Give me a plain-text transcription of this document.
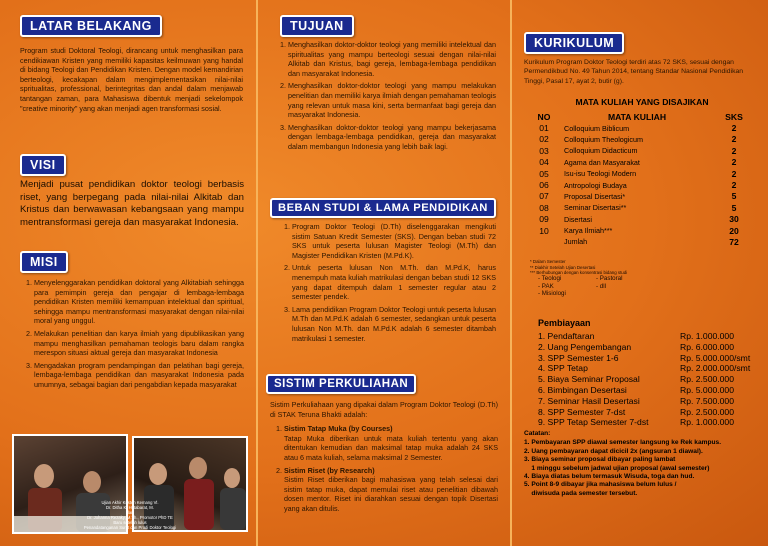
LATAR BELAKANG

Program studi Doktoral Teologi, dirancang untuk menghasilkan para cendikiawan Kristen yang memiliki kapasitas keilmuwan yang handal di bidang Teologi dan Pendidikan Kristen. Dengan model kemandirian berteologi, kecakapan dalam mengimplementasikan nilai-nilai spritualitas, professional, berintegritas dan andal dalam menjawab tantangan zaman, para Mahasiswa dibentuk menjadi sekelompok "creative minority" yang akan menjadi agen transformasi sosial.

VISI

Menjadi pusat pendidikan doktor teologi berbasis riset, yang berpegang pada nilai-nilai Alkitab dan Kristus dan berwawasan kebangsaan yang mampu mentransformasi gereja dan masyarakat Indonesia.

MISI
1. Menyelenggarakan pendidikan doktoral yang Alkitabiah sehingga para pemimpin gereja dan pengajar di lembaga-lembaga pendidikan Kristen memiliki kemampuan intelektual dan spiritual, sehingga mampu mentransformasi masyarakat dengan nilai-nilai moral yang unggul.
2. Melakukan penelitian dan karya ilmiah yang dipublikasikan yang mampu menghasilkan pemahaman teologis baru dalam rangka merespon situasi aktual gereja dan masyarakat Indonesia
3. Mengadakan program pendampingan dan pelatihan bagi gereja, lembaga-lembaga pendidikan dan masyarakat Indonesia pada umumnya, sebagai bagian dari pengabdian kepada masyarakat
Ujian Akhir Kristen Kemang Vl.
Dr. Ditha K. Hutabarat, M.
dan
Dr. Johanna Rezaky, M.Th., Promotor PhD TE
Baru setelah lulus
Penandatanganan Surat dan Prodi Doktor Teologi
TUJUAN
1. Menghasilkan doktor-doktor teologi yang memiliki intelektual dan spiritualitas yang mampu berteologi sesuai dengan nilai-nilai Alkitab dan Kristus, bagi gereja, lembaga-lembaga pendidikan dan masyarakat Indonesia.
2. Menghasilkan doktor-doktor teologi yang mampu melakukan penelitian dan memiliki karya ilmiah dengan pemahaman teologis yang relevan untuk masa kini, serta bermanfaat bagi gereja dan masyarakat Indonesia.
3. Menghasilkan doktor-doktor teologi yang mampu bekerjasama dengan lembaga-lembaga pendidikan, gereja dan masyarakat dalam membangun Indonesia yang lebih baik lagi.
BEBAN STUDI & LAMA PENDIDIKAN
1. Program Doktor Teologi (D.Th) diselenggarakan mengikuti sistim Satuan Kredit Semester (SKS). Dengan beban studi 72 SKS untuk peserta lulusan Magister Teologi (M.Th) dan Magister Pendidikan Kristen (M.Pd.K).
2. Untuk peserta lulusan Non M.Th. dan M.Pd.K, harus menempuh mata kuliah matrikulasi dengan beban studi 12 SKS yang dapat ditempuh dalam 1 semester regular atau 2 semester pendek.
3. Lama pendidikan Program Doktor Teologi untuk peserta lulusan M.Th dan M.Pd.K adalah 6 semester, sedangkan untuk peserta lulusan Non M.Th. dan M.Pd.K adalah 6 semester ditambah matrikulasi 1 semester.
SISTIM PERKULIAHAN

Sistim Perkuliahaan yang dipakai dalam Program Doktor Teologi (D.Th) di STAK Teruna Bhakti adalah:

1. Sistim Tatap Muka (by Courses)
Tatap Muka diberikan untuk mata kuliah tertentu yang akan ditentukan kemudian dan maksimal tatap muka adalah 24 SKS atau 6 mata kuliah, selama maksimal 2 Semester.
2. Sistim Riset (by Research)
Sistim Riset diberikan bagi mahasiswa yang telah selesai dari sistim tatap muka, dapat memulai riset atau penelitian dibawah dosen mentor. Riset ini diarahkan sesuai dengan topik Disertasi yang akan ditulis.
KURIKULUM

Kurikulum Program Doktor Teologi terdiri atas 72 SKS, sesuai dengan Permendikbud No. 49 Tahun 2014, tentang Standar Nasional Pendidikan Tinggi, Pasal 17, ayat 2, butir (g).

MATA KULIAH YANG DISAJIKAN
NO	MATA KULIAH	SKS
01	Colloquium Biblicum	2
02	Colloquium Theologicum	2
03	Colloquium Didacticum	2
04	Agama dan Masyarakat	2
05	Isu-isu Teologi Modern	2
06	Antropologi Budaya	2
07	Proposal Disertasi*	5
08	Seminar Disertasi**	5
09	Disertasi	30
10	Karya Ilmiah***	20
	Jumlah	72
* Dalam Semester
** Diakhir Setelah Ujian Desertasi
*** Berhubungan dengan konsentrasi bidang studi
- Teologi	- Pastoral
- PAK	- dll
- Misiologi
Pembiayaan
1. Pendaftaran	Rp. 1.000.000
2. Uang Pengembangan	Rp. 6.000.000
3. SPP Semester 1-6	Rp. 5.000.000/smt
4. SPP Tetap	Rp. 2.000.000/smt
5. Biaya Seminar Proposal	Rp. 2.500.000
6. Bimbingan Desertasi	Rp. 5.000.000
7. Seminar Hasil Desertasi	Rp. 7.500.000
8. SPP Semester 7-dst	Rp. 2.500.000
9. SPP Tetap Semester 7-dst	Rp. 1.000.000
Catatan:
1. Pembayaran SPP diawal semester langsung ke Rek kampus.
2. Uang pembayaran dapat dicicil 2x (angsuran 1 diawal).
3. Biaya seminar proposal dibayar paling lambat
1 minggu sebelum jadwal ujian proposal (awal semester)
4. Biaya diatas belum termasuk Wisuda, toga dan hud.
5. Point 8-9 dibayar jika mahasiswa belum lulus /
diwisuda pada semester tersebut.
